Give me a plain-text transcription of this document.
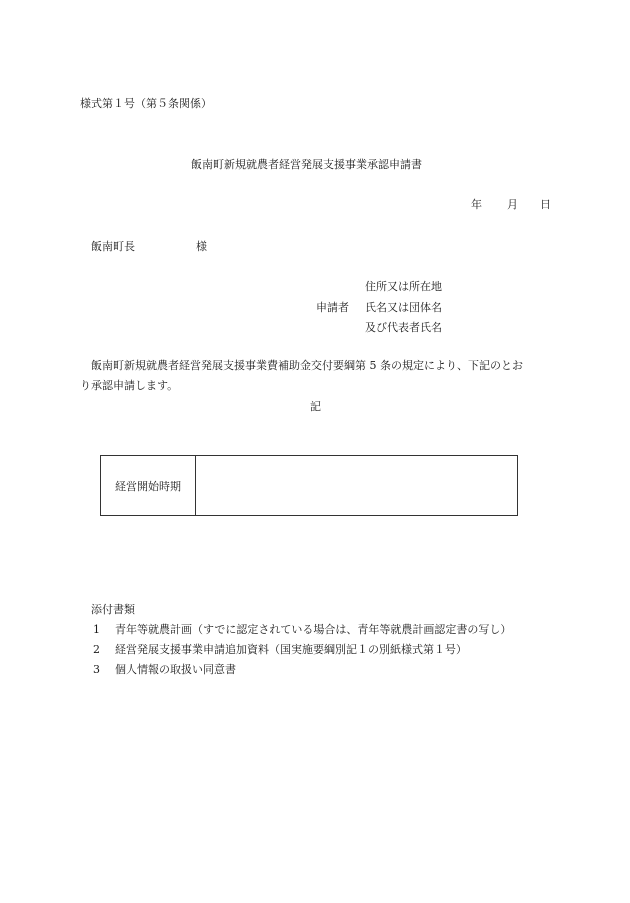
様式第１号（第５条関係）
飯南町新規就農者経営発展支援事業承認申請書
年 月 日
飯南町長	様
申請者
住所又は所在地
氏名又は団体名
及び代表者氏名
飯南町新規就農者経営発展支援事業費補助金交付要綱第 5 条の規定により、下記のとお
り承認申請します。
記
経営開始時期
添付書類
1 青年等就農計画（すでに認定されている場合は、青年等就農計画認定書の写し）
2 経営発展支援事業申請追加資料（国実施要綱別記１の別紙様式第１号）
3 個人情報の取扱い同意書
